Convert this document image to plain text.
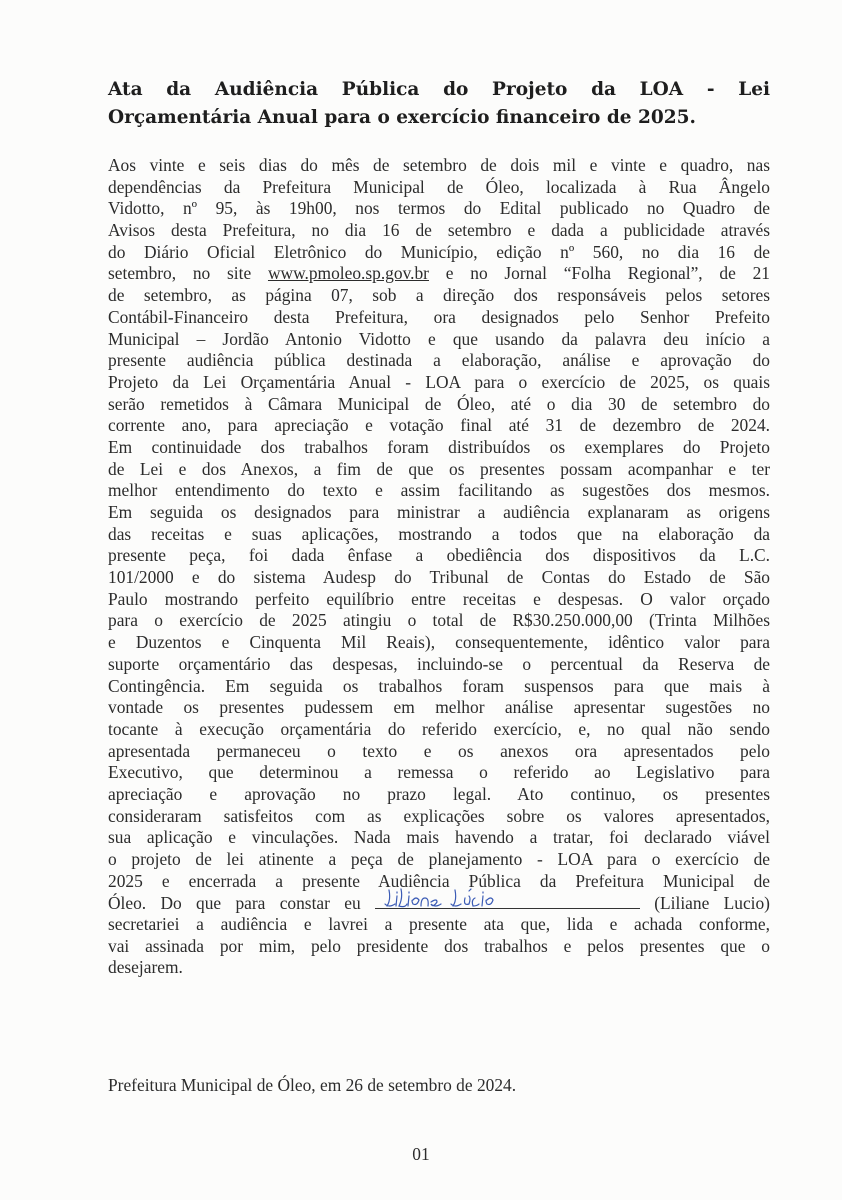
Ata da Audiência Pública do Projeto da LOA - Lei
Orçamentária Anual para o exercício financeiro de 2025.
Aos vinte e seis dias do mês de setembro de dois mil e vinte e quadro, nas
dependências da Prefeitura Municipal de Óleo, localizada à Rua Ângelo
Vidotto, nº 95, às 19h00, nos termos do Edital publicado no Quadro de
Avisos desta Prefeitura, no dia 16 de setembro e dada a publicidade através
do Diário Oficial Eletrônico do Município, edição nº 560, no dia 16 de
setembro, no site www.pmoleo.sp.gov.br e no Jornal “Folha Regional”, de 21
de setembro, as página 07, sob a direção dos responsáveis pelos setores
Contábil-Financeiro desta Prefeitura, ora designados pelo Senhor Prefeito
Municipal – Jordão Antonio Vidotto e que usando da palavra deu início a
presente audiência pública destinada a elaboração, análise e aprovação do
Projeto da Lei Orçamentária Anual - LOA para o exercício de 2025, os quais
serão remetidos à Câmara Municipal de Óleo, até o dia 30 de setembro do
corrente ano, para apreciação e votação final até 31 de dezembro de 2024.
Em continuidade dos trabalhos foram distribuídos os exemplares do Projeto
de Lei e dos Anexos, a fim de que os presentes possam acompanhar e ter
melhor entendimento do texto e assim facilitando as sugestões dos mesmos.
Em seguida os designados para ministrar a audiência explanaram as origens
das receitas e suas aplicações, mostrando a todos que na elaboração da
presente peça, foi dada ênfase a obediência dos dispositivos da L.C.
101/2000 e do sistema Audesp do Tribunal de Contas do Estado de São
Paulo mostrando perfeito equilíbrio entre receitas e despesas. O valor orçado
para o exercício de 2025 atingiu o total de R$30.250.000,00 (Trinta Milhões
e Duzentos e Cinquenta Mil Reais), consequentemente, idêntico valor para
suporte orçamentário das despesas, incluindo-se o percentual da Reserva de
Contingência. Em seguida os trabalhos foram suspensos para que mais à
vontade os presentes pudessem em melhor análise apresentar sugestões no
tocante à execução orçamentária do referido exercício, e, no qual não sendo
apresentada permaneceu o texto e os anexos ora apresentados pelo
Executivo, que determinou a remessa o referido ao Legislativo para
apreciação e aprovação no prazo legal. Ato continuo, os presentes
consideraram satisfeitos com as explicações sobre os valores apresentados,
sua aplicação e vinculações. Nada mais havendo a tratar, foi declarado viável
o projeto de lei atinente a peça de planejamento - LOA para o exercício de
2025 e encerrada a presente Audiência Pública da Prefeitura Municipal de
Óleo. Do que para constar eu	(Liliane Lucio)
secretariei a audiência e lavrei a presente ata que, lida e achada conforme,
vai assinada por mim, pelo presidente dos trabalhos e pelos presentes que o
desejarem.
Prefeitura Municipal de Óleo, em 26 de setembro de 2024.
01
